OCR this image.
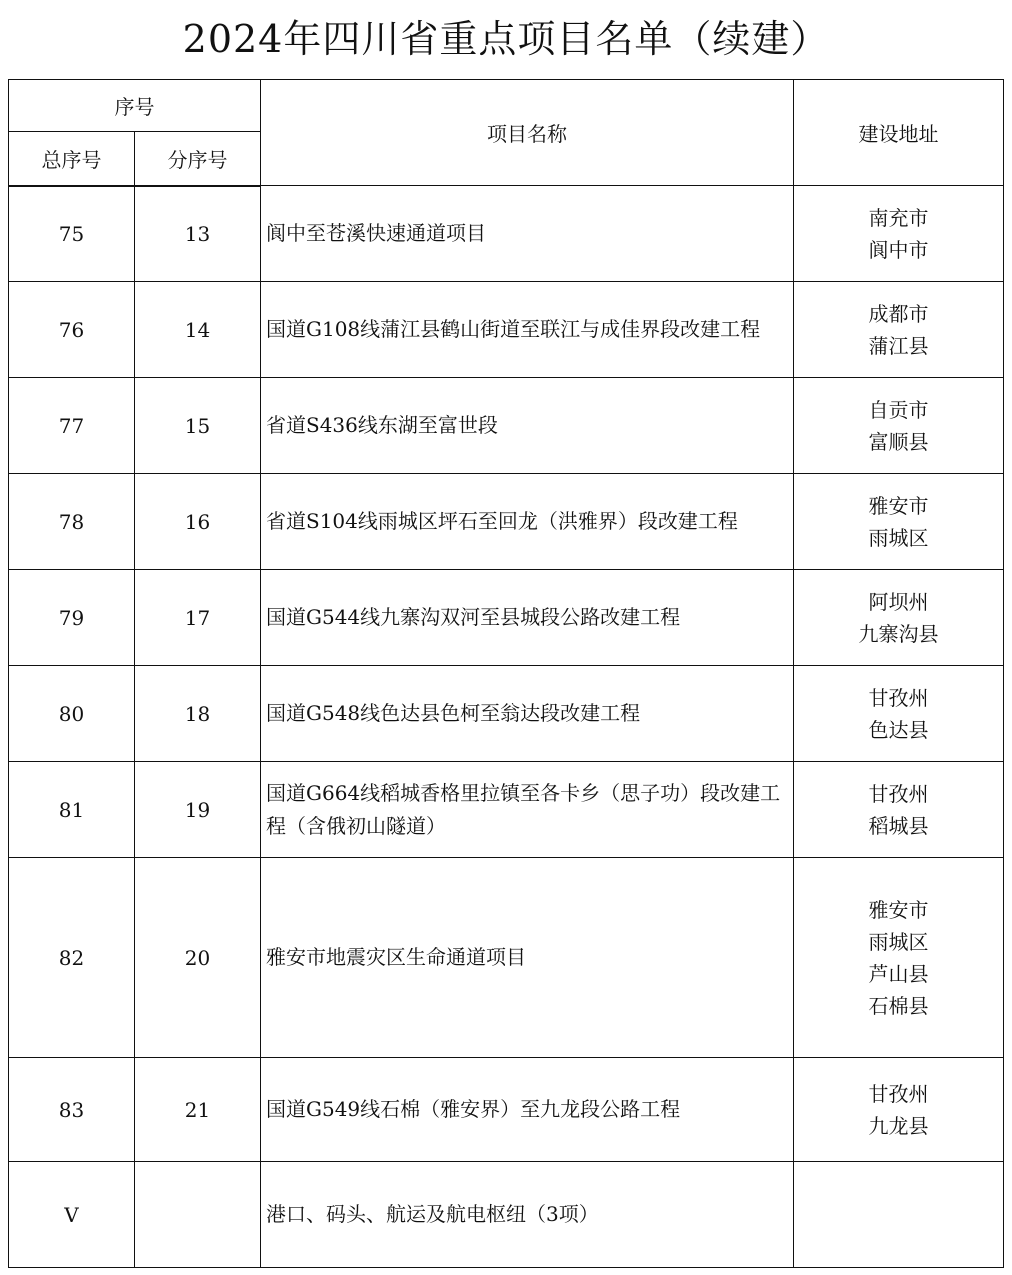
2024年四川省重点项目名单（续建）
序号		项目名称	建设地址
总序号	分序号		
75	13	阆中至苍溪快速通道项目	南充市
阆中市

76	14	国道G108线蒲江县鹤山街道至联江与成佳界段改建工程	成都市
蒲江县

77	15	省道S436线东湖至富世段	自贡市
富顺县

78	16	省道S104线雨城区坪石至回龙（洪雅界）段改建工程	雅安市
雨城区

79	17	国道G544线九寨沟双河至县城段公路改建工程	阿坝州
九寨沟县

80	18	国道G548线色达县色柯至翁达段改建工程	甘孜州
色达县

81	19	国道G664线稻城香格里拉镇至各卡乡（思子功）段改建工程（含俄初山隧道）	甘孜州
稻城县

82	20	雅安市地震灾区生命通道项目	雅安市
雨城区
芦山县
石棉县

83	21	国道G549线石棉（雅安界）至九龙段公路工程	甘孜州
九龙县

V		港口、码头、航运及航电枢纽（3项）	
